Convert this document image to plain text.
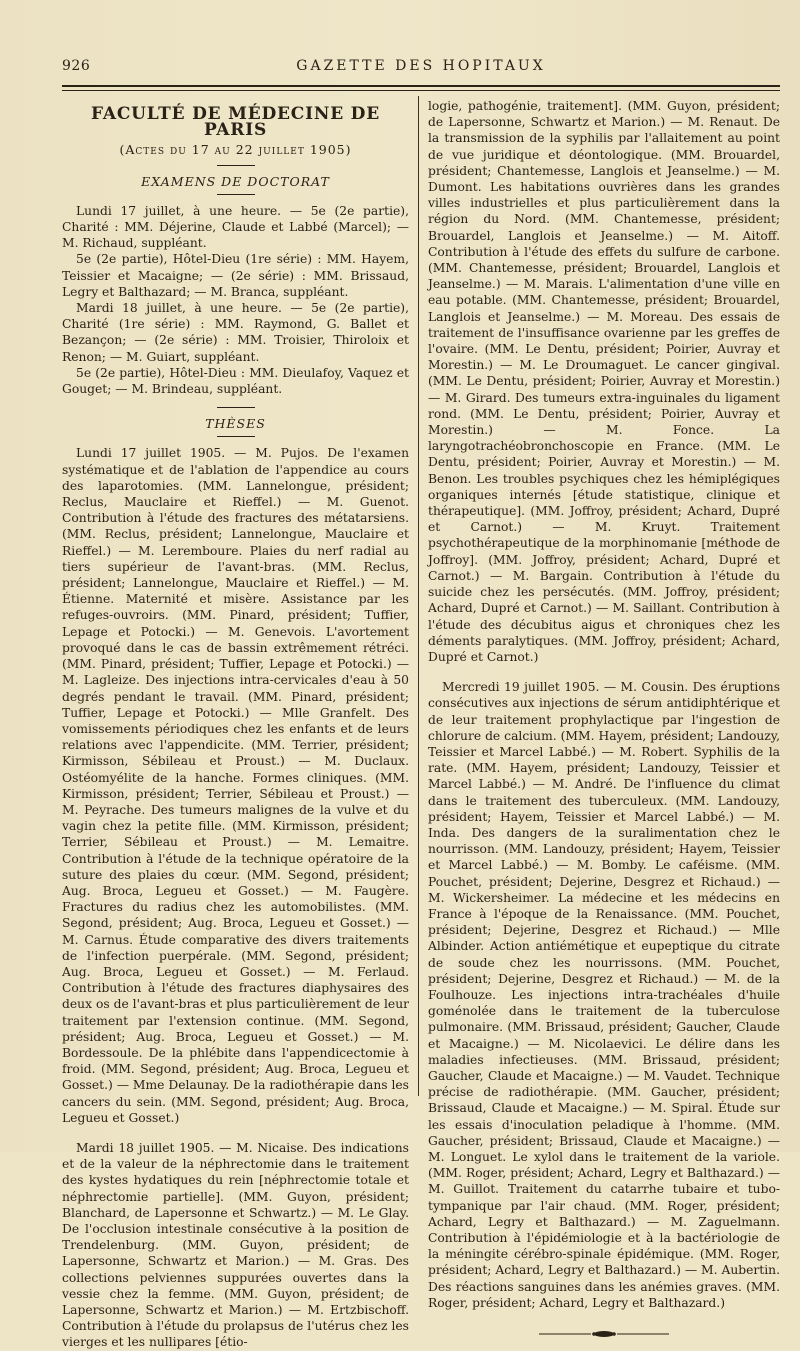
926	GAZETTE DES HOPITAUX
FACULTÉ DE MÉDECINE DE PARIS
(Actes du 17 au 22 juillet 1905)
EXAMENS DE DOCTORAT

Lundi 17 juillet, à une heure. — 5e (2e partie), Charité : MM. Déjerine, Claude et Labbé (Marcel); — M. Richaud, suppléant.

5e (2e partie), Hôtel-Dieu (1re série) : MM. Hayem, Teissier et Macaigne; — (2e série) : MM. Brissaud, Legry et Balthazard; — M. Branca, suppléant.

Mardi 18 juillet, à une heure. — 5e (2e partie), Charité (1re série) : MM. Raymond, G. Ballet et Bezançon; — (2e série) : MM. Troisier, Thiroloix et Renon; — M. Guiart, suppléant.

5e (2e partie), Hôtel-Dieu : MM. Dieulafoy, Vaquez et Gouget; — M. Brindeau, suppléant.

THÈSES

Lundi 17 juillet 1905. — M. Pujos. De l'examen systématique et de l'ablation de l'appendice au cours des laparotomies. (MM. Lannelongue, président; Reclus, Mauclaire et Rieffel.) — M. Guenot. Contribution à l'étude des fractures des métatarsiens. (MM. Reclus, président; Lannelongue, Mauclaire et Rieffel.) — M. Leremboure. Plaies du nerf radial au tiers supérieur de l'avant-bras. (MM. Reclus, président; Lannelongue, Mauclaire et Rieffel.) — M. Étienne. Maternité et misère. Assistance par les refuges-ouvroirs. (MM. Pinard, président; Tuffier, Lepage et Potocki.) — M. Genevois. L'avortement provoqué dans le cas de bassin extrêmement rétréci. (MM. Pinard, président; Tuffier, Lepage et Potocki.) — M. Lagleize. Des injections intra-cervicales d'eau à 50 degrés pendant le travail. (MM. Pinard, président; Tuffier, Lepage et Potocki.) — Mlle Granfelt. Des vomissements périodiques chez les enfants et de leurs relations avec l'appendicite. (MM. Terrier, président; Kirmisson, Sébileau et Proust.) — M. Duclaux. Ostéomyélite de la hanche. Formes cliniques. (MM. Kirmisson, président; Terrier, Sébileau et Proust.) — M. Peyrache. Des tumeurs malignes de la vulve et du vagin chez la petite fille. (MM. Kirmisson, président; Terrier, Sébileau et Proust.) — M. Lemaitre. Contribution à l'étude de la technique opératoire de la suture des plaies du cœur. (MM. Segond, président; Aug. Broca, Legueu et Gosset.) — M. Faugère. Fractures du radius chez les automobilistes. (MM. Segond, président; Aug. Broca, Legueu et Gosset.) — M. Carnus. Étude comparative des divers traitements de l'infection puerpérale. (MM. Segond, président; Aug. Broca, Legueu et Gosset.) — M. Ferlaud. Contribution à l'étude des fractures diaphysaires des deux os de l'avant-bras et plus particulièrement de leur traitement par l'extension continue. (MM. Segond, président; Aug. Broca, Legueu et Gosset.) — M. Bordessoule. De la phlébite dans l'appendicectomie à froid. (MM. Segond, président; Aug. Broca, Legueu et Gosset.) — Mme Delaunay. De la radiothérapie dans les cancers du sein. (MM. Segond, président; Aug. Broca, Legueu et Gosset.)

Mardi 18 juillet 1905. — M. Nicaise. Des indications et de la valeur de la néphrectomie dans le traitement des kystes hydatiques du rein [néphrectomie totale et néphrectomie partielle]. (MM. Guyon, président; Blanchard, de Lapersonne et Schwartz.) — M. Le Glay. De l'occlusion intestinale consécutive à la position de Trendelenburg. (MM. Guyon, président; de Lapersonne, Schwartz et Marion.) — M. Gras. Des collections pelviennes suppurées ouvertes dans la vessie chez la femme. (MM. Guyon, président; de Lapersonne, Schwartz et Marion.) — M. Ertzbischoff. Contribution à l'étude du prolapsus de l'utérus chez les vierges et les nullipares [étio-

logie, pathogénie, traitement]. (MM. Guyon, président; de Lapersonne, Schwartz et Marion.) — M. Renaut. De la transmission de la syphilis par l'allaitement au point de vue juridique et déontologique. (MM. Brouardel, président; Chantemesse, Langlois et Jeanselme.) — M. Dumont. Les habitations ouvrières dans les grandes villes industrielles et plus particulièrement dans la région du Nord. (MM. Chantemesse, président; Brouardel, Langlois et Jeanselme.) — M. Aitoff. Contribution à l'étude des effets du sulfure de carbone. (MM. Chantemesse, président; Brouardel, Langlois et Jeanselme.) — M. Marais. L'alimentation d'une ville en eau potable. (MM. Chantemesse, président; Brouardel, Langlois et Jeanselme.) — M. Moreau. Des essais de traitement de l'insuffisance ovarienne par les greffes de l'ovaire. (MM. Le Dentu, président; Poirier, Auvray et Morestin.) — M. Le Droumaguet. Le cancer gingival. (MM. Le Dentu, président; Poirier, Auvray et Morestin.) — M. Girard. Des tumeurs extra-inguinales du ligament rond. (MM. Le Dentu, président; Poirier, Auvray et Morestin.) — M. Fonce. La laryngotrachéobronchoscopie en France. (MM. Le Dentu, président; Poirier, Auvray et Morestin.) — M. Benon. Les troubles psychiques chez les hémiplégiques organiques internés [étude statistique, clinique et thérapeutique]. (MM. Joffroy, président; Achard, Dupré et Carnot.) — M. Kruyt. Traitement psychothérapeutique de la morphinomanie [méthode de Joffroy]. (MM. Joffroy, président; Achard, Dupré et Carnot.) — M. Bargain. Contribution à l'étude du suicide chez les persécutés. (MM. Joffroy, président; Achard, Dupré et Carnot.) — M. Saillant. Contribution à l'étude des décubitus aigus et chroniques chez les déments paralytiques. (MM. Joffroy, président; Achard, Dupré et Carnot.)

Mercredi 19 juillet 1905. — M. Cousin. Des éruptions consécutives aux injections de sérum antidiphtérique et de leur traitement prophylactique par l'ingestion de chlorure de calcium. (MM. Hayem, président; Landouzy, Teissier et Marcel Labbé.) — M. Robert. Syphilis de la rate. (MM. Hayem, président; Landouzy, Teissier et Marcel Labbé.) — M. André. De l'influence du climat dans le traitement des tuberculeux. (MM. Landouzy, président; Hayem, Teissier et Marcel Labbé.) — M. Inda. Des dangers de la suralimentation chez le nourrisson. (MM. Landouzy, président; Hayem, Teissier et Marcel Labbé.) — M. Bomby. Le caféisme. (MM. Pouchet, président; Dejerine, Desgrez et Richaud.) — M. Wickersheimer. La médecine et les médecins en France à l'époque de la Renaissance. (MM. Pouchet, président; Dejerine, Desgrez et Richaud.) — Mlle Albinder. Action antiémétique et eupeptique du citrate de soude chez les nourrissons. (MM. Pouchet, président; Dejerine, Desgrez et Richaud.) — M. de la Foulhouze. Les injections intra-trachéales d'huile goménolée dans le traitement de la tuberculose pulmonaire. (MM. Brissaud, président; Gaucher, Claude et Macaigne.) — M. Nicolaevici. Le délire dans les maladies infectieuses. (MM. Brissaud, président; Gaucher, Claude et Macaigne.) — M. Vaudet. Technique précise de radiothérapie. (MM. Gaucher, président; Brissaud, Claude et Macaigne.) — M. Spiral. Étude sur les essais d'inoculation peladique à l'homme. (MM. Gaucher, président; Brissaud, Claude et Macaigne.) — M. Longuet. Le xylol dans le traitement de la variole. (MM. Roger, président; Achard, Legry et Balthazard.) — M. Guillot. Traitement du catarrhe tubaire et tubo-tympanique par l'air chaud. (MM. Roger, président; Achard, Legry et Balthazard.) — M. Zaguelmann. Contribution à l'épidémiologie et à la bactériologie de la méningite cérébro-spinale épidémique. (MM. Roger, président; Achard, Legry et Balthazard.) — M. Aubertin. Des réactions sanguines dans les anémies graves. (MM. Roger, président; Achard, Legry et Balthazard.)
